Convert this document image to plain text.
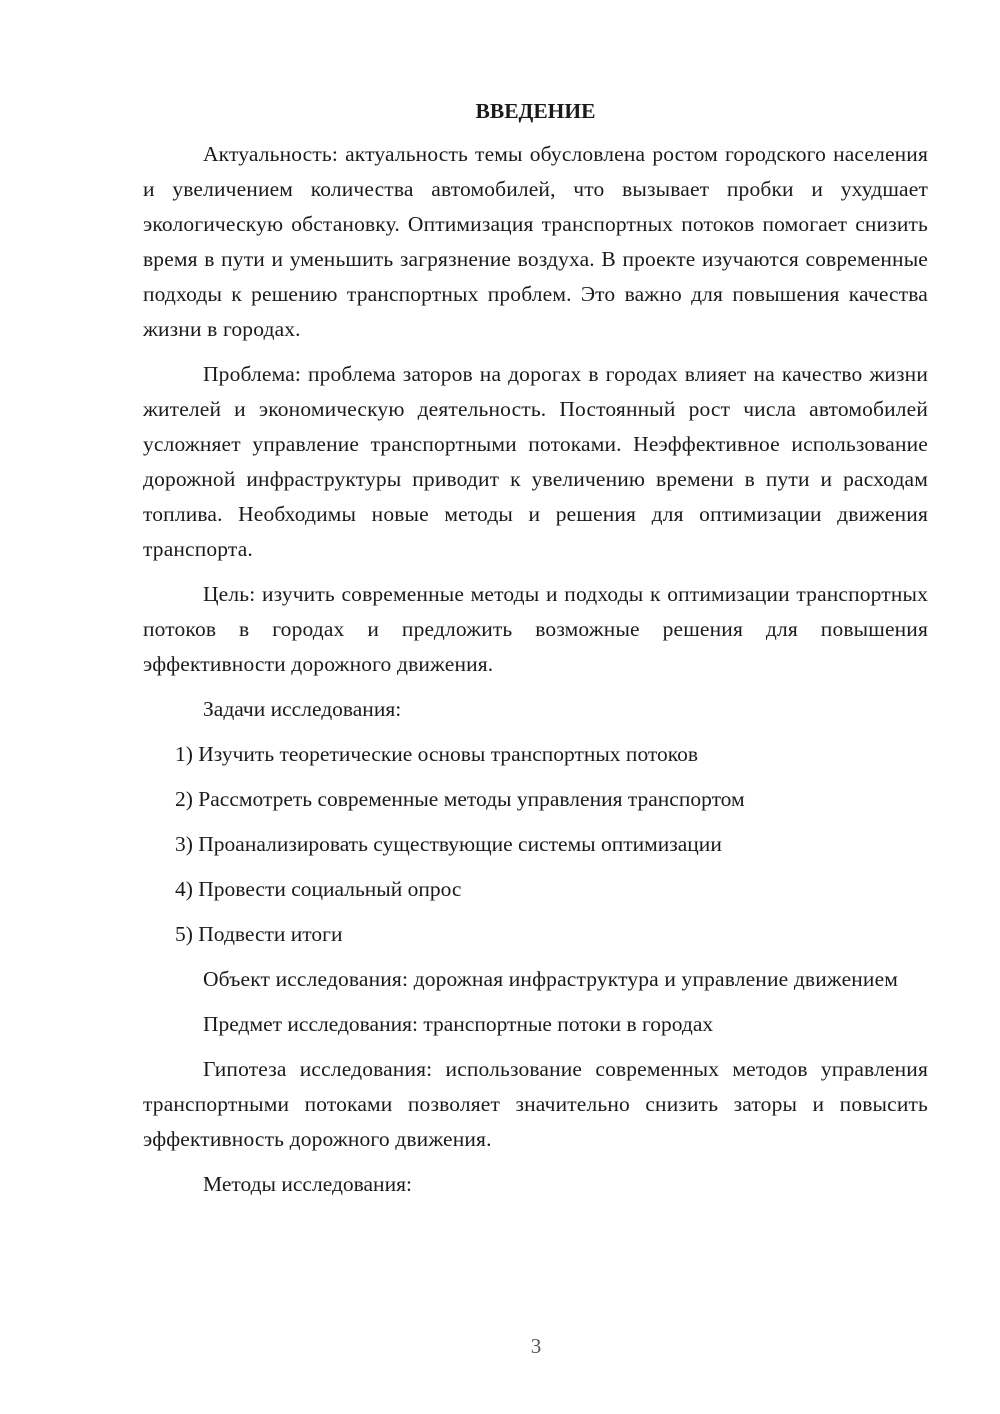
ВВЕДЕНИЕ

Актуальность: актуальность темы обусловлена ростом городского населения и увеличением количества автомобилей, что вызывает пробки и ухудшает экологическую обстановку. Оптимизация транспортных потоков помогает снизить время в пути и уменьшить загрязнение воздуха. В проекте изучаются современные подходы к решению транспортных проблем. Это важно для повышения качества жизни в городах.

Проблема: проблема заторов на дорогах в городах влияет на качество жизни жителей и экономическую деятельность. Постоянный рост числа автомобилей усложняет управление транспортными потоками. Неэффективное использование дорожной инфраструктуры приводит к увеличению времени в пути и расходам топлива. Необходимы новые методы и решения для оптимизации движения транспорта.

Цель: изучить современные методы и подходы к оптимизации транспортных потоков в городах и предложить возможные решения для повышения эффективности дорожного движения.

Задачи исследования:

1) Изучить теоретические основы транспортных потоков
2) Рассмотреть современные методы управления транспортом
3) Проанализировать существующие системы оптимизации
4) Провести социальный опрос
5) Подвести итоги

Объект исследования: дорожная инфраструктура и управление движением

Предмет исследования: транспортные потоки в городах

Гипотеза исследования: использование современных методов управления транспортными потоками позволяет значительно снизить заторы и повысить эффективность дорожного движения.

Методы исследования:

3
